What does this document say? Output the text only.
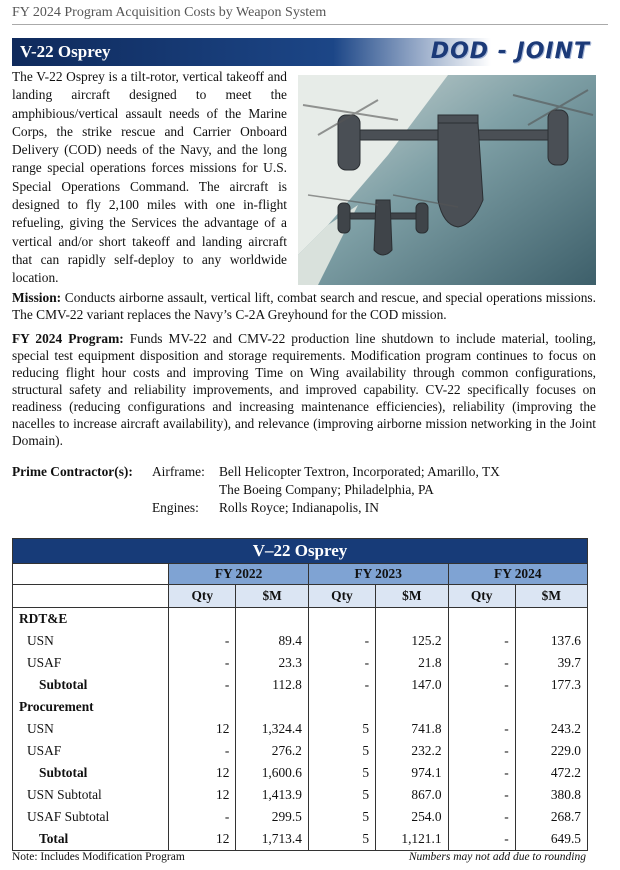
FY 2024 Program Acquisition Costs by Weapon System
V-22 Osprey	DOD - JOINT
The V-22 Osprey is a tilt-rotor, vertical takeoff and landing aircraft designed to meet the amphibious/vertical assault needs of the Marine Corps, the strike rescue and Carrier Onboard Delivery (COD) needs of the Navy, and the long range special operations forces missions for U.S. Special Operations Command. The aircraft is designed to fly 2,100 miles with one in-flight refueling, giving the Services the advantage of a vertical and/or short takeoff and landing aircraft that can rapidly self-deploy to any worldwide location.
Mission: Conducts airborne assault, vertical lift, combat search and rescue, and special operations missions. The CMV-22 variant replaces the Navy’s C-2A Greyhound for the COD mission.
FY 2024 Program: Funds MV-22 and CMV-22 production line shutdown to include material, tooling, special test equipment disposition and storage requirements. Modification program continues to focus on reducing flight hour costs and improving Time on Wing availability through common configurations, structural safety and reliability improvements, and improved capability. CV-22 specifically focuses on readiness (reducing configurations and increasing maintenance efficiencies), reliability (improving the nacelles to increase aircraft availability), and relevance (improving airborne mission networking in the Joint Domain).
Prime Contractor(s): Airframe: Bell Helicopter Textron, Incorporated; Amarillo, TX
The Boeing Company; Philadelphia, PA
Engines: Rolls Royce; Indianapolis, IN
V–22 Osprey						
	FY 2022		FY 2023		FY 2024	
	Qty	$M	Qty	$M	Qty	$M
RDT&E						
USN	-	89.4	-	125.2	-	137.6
USAF	-	23.3	-	21.8	-	39.7
Subtotal	-	112.8	-	147.0	-	177.3
Procurement						
USN	12	1,324.4	5	741.8	-	243.2
USAF	-	276.2	5	232.2	-	229.0
Subtotal	12	1,600.6	5	974.1	-	472.2
USN Subtotal	12	1,413.9	5	867.0	-	380.8
USAF Subtotal	-	299.5	5	254.0	-	268.7
Total	12	1,713.4	5	1,121.1	-	649.5
Note: Includes Modification Program	Numbers may not add due to rounding
